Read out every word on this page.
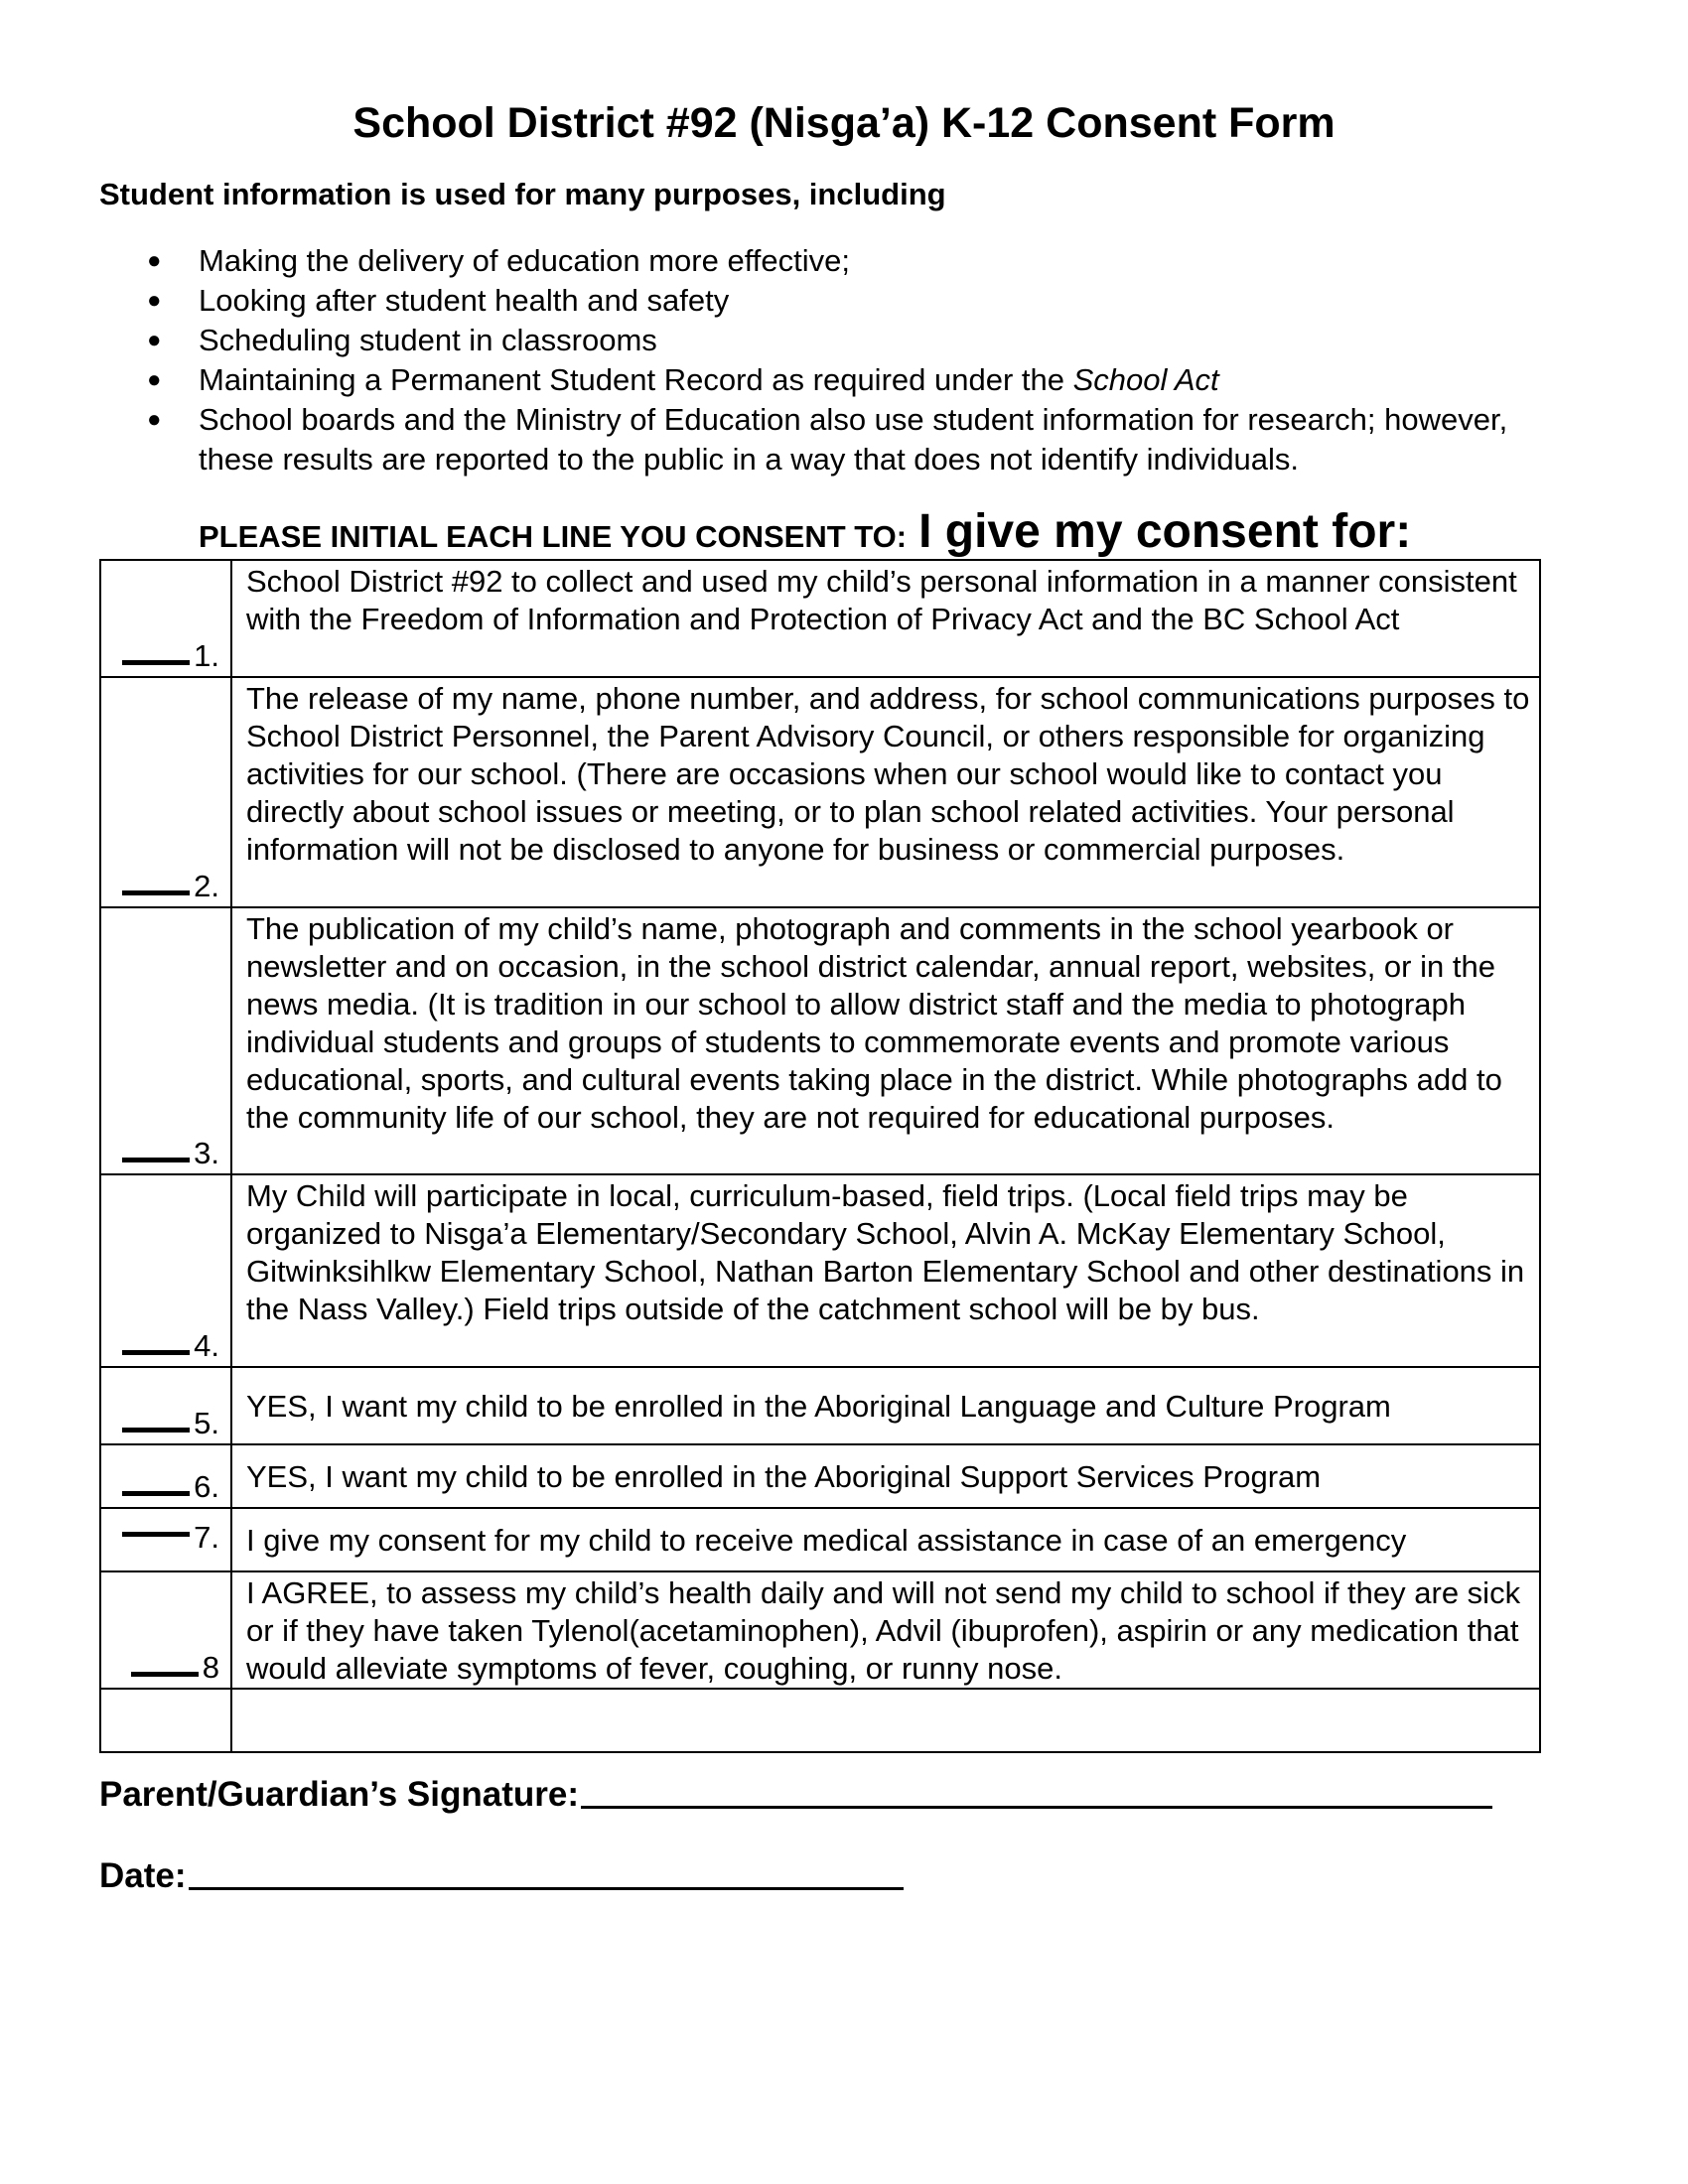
School District #92 (Nisga’a) K-12 Consent Form
Student information is used for many purposes, including
● Making the delivery of education more effective;
● Looking after student health and safety
● Scheduling student in classrooms
● Maintaining a Permanent Student Record as required under the School Act
● School boards and the Ministry of Education also use student information for research; however, these results are reported to the public in a way that does not identify individuals.
PLEASE INITIAL EACH LINE YOU CONSENT TO: I give my consent for:
1.	School District #92 to collect and used my child’s personal information in a manner consistent with the Freedom of Information and Protection of Privacy Act and the BC School Act

2.	The release of my name, phone number, and address, for school communications purposes to School District Personnel, the Parent Advisory Council, or others responsible for organizing activities for our school. (There are occasions when our school would like to contact you directly about school issues or meeting, or to plan school related activities. Your personal information will not be disclosed to anyone for business or commercial purposes.

3.	The publication of my child’s name, photograph and comments in the school yearbook or newsletter and on occasion, in the school district calendar, annual report, websites, or in the news media. (It is tradition in our school to allow district staff and the media to photograph individual students and groups of students to commemorate events and promote various educational, sports, and cultural events taking place in the district. While photographs add to the community life of our school, they are not required for educational purposes.

4.	My Child will participate in local, curriculum-based, field trips. (Local field trips may be organized to Nisga’a Elementary/Secondary School, Alvin A. McKay Elementary School, Gitwinksihlkw Elementary School, Nathan Barton Elementary School and other destinations in the Nass Valley.) Field trips outside of the catchment school will be by bus.

5.	YES, I want my child to be enrolled in the Aboriginal Language and Culture Program

6.	YES, I want my child to be enrolled in the Aboriginal Support Services Program

7.	I give my consent for my child to receive medical assistance in case of an emergency

8	I AGREE, to assess my child’s health daily and will not send my child to school if they are sick or if they have taken Tylenol(acetaminophen), Advil (ibuprofen), aspirin or any medication that would alleviate symptoms of fever, coughing, or runny nose.

Parent/Guardian’s Signature:
Date:
